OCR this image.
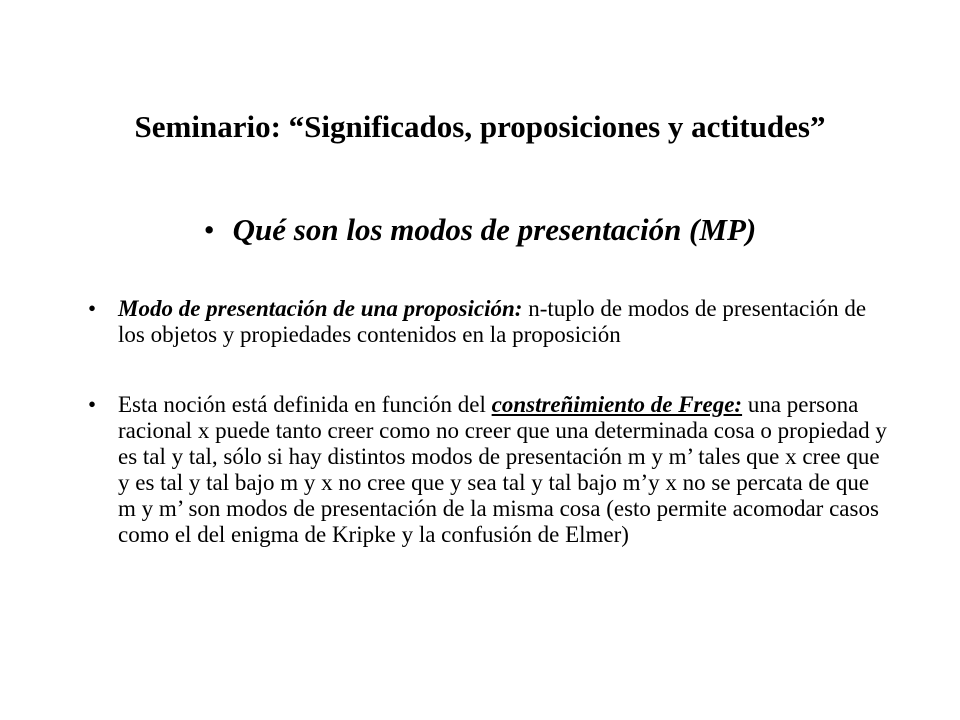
Seminario: “Significados, proposiciones y actitudes”
• Qué son los modos de presentación (MP)
• Modo de presentación de una proposición: n-tuplo de modos de presentación de los objetos y propiedades contenidos en la proposición
• Esta noción está definida en función del constreñimiento de Frege: una persona racional x puede tanto creer como no creer que una determinada cosa o propiedad y es tal y tal, sólo si hay distintos modos de presentación m y m’ tales que x cree que y es tal y tal bajo m y x no cree que y sea tal y tal bajo m’y x no se percata de que m y m’ son modos de presentación de la misma cosa (esto permite acomodar casos como el del enigma de Kripke y la confusión de Elmer)
